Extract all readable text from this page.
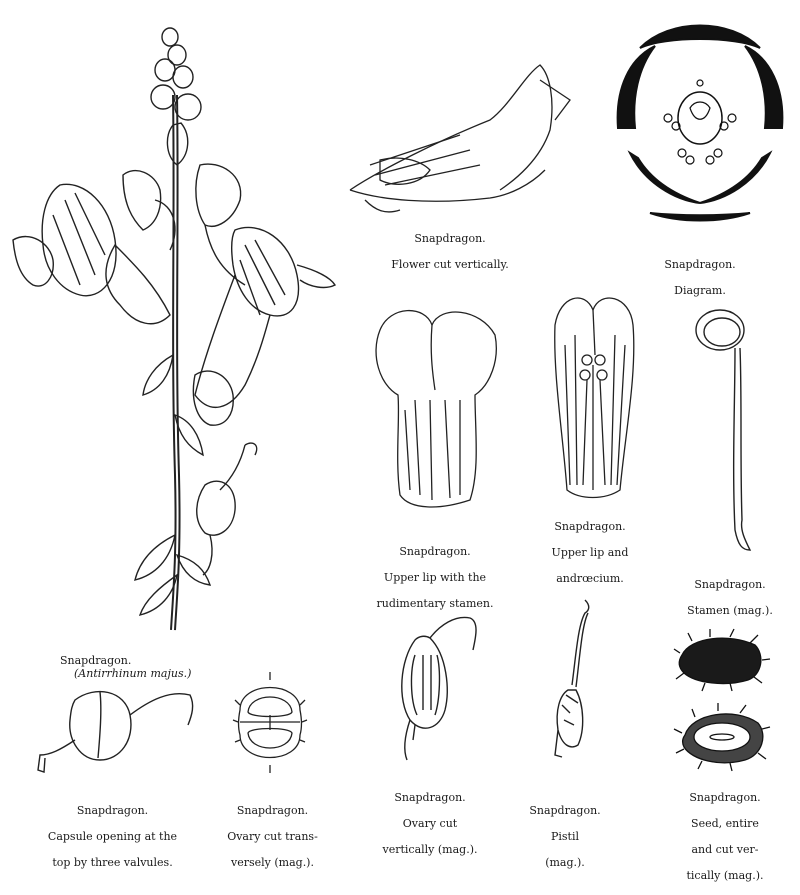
Snapdragon.
(Antirrhinum majus.)

Snapdragon.

Flower cut vertically.	Snapdragon.

Diagram.

Snapdragon.

Upper lip with the

rudimentary stamen.

Snapdragon.

Upper lip and

andrœcium.	Snapdragon.

Stamen (mag.).

Snapdragon.

Capsule opening at the

top by three valvules.

Snapdragon.

Ovary cut trans-

versely (mag.).

Snapdragon.

Ovary cut

vertically (mag.).

Snapdragon.

Pistil

(mag.).

Snapdragon.

Seed, entire

and cut ver-

tically (mag.).
